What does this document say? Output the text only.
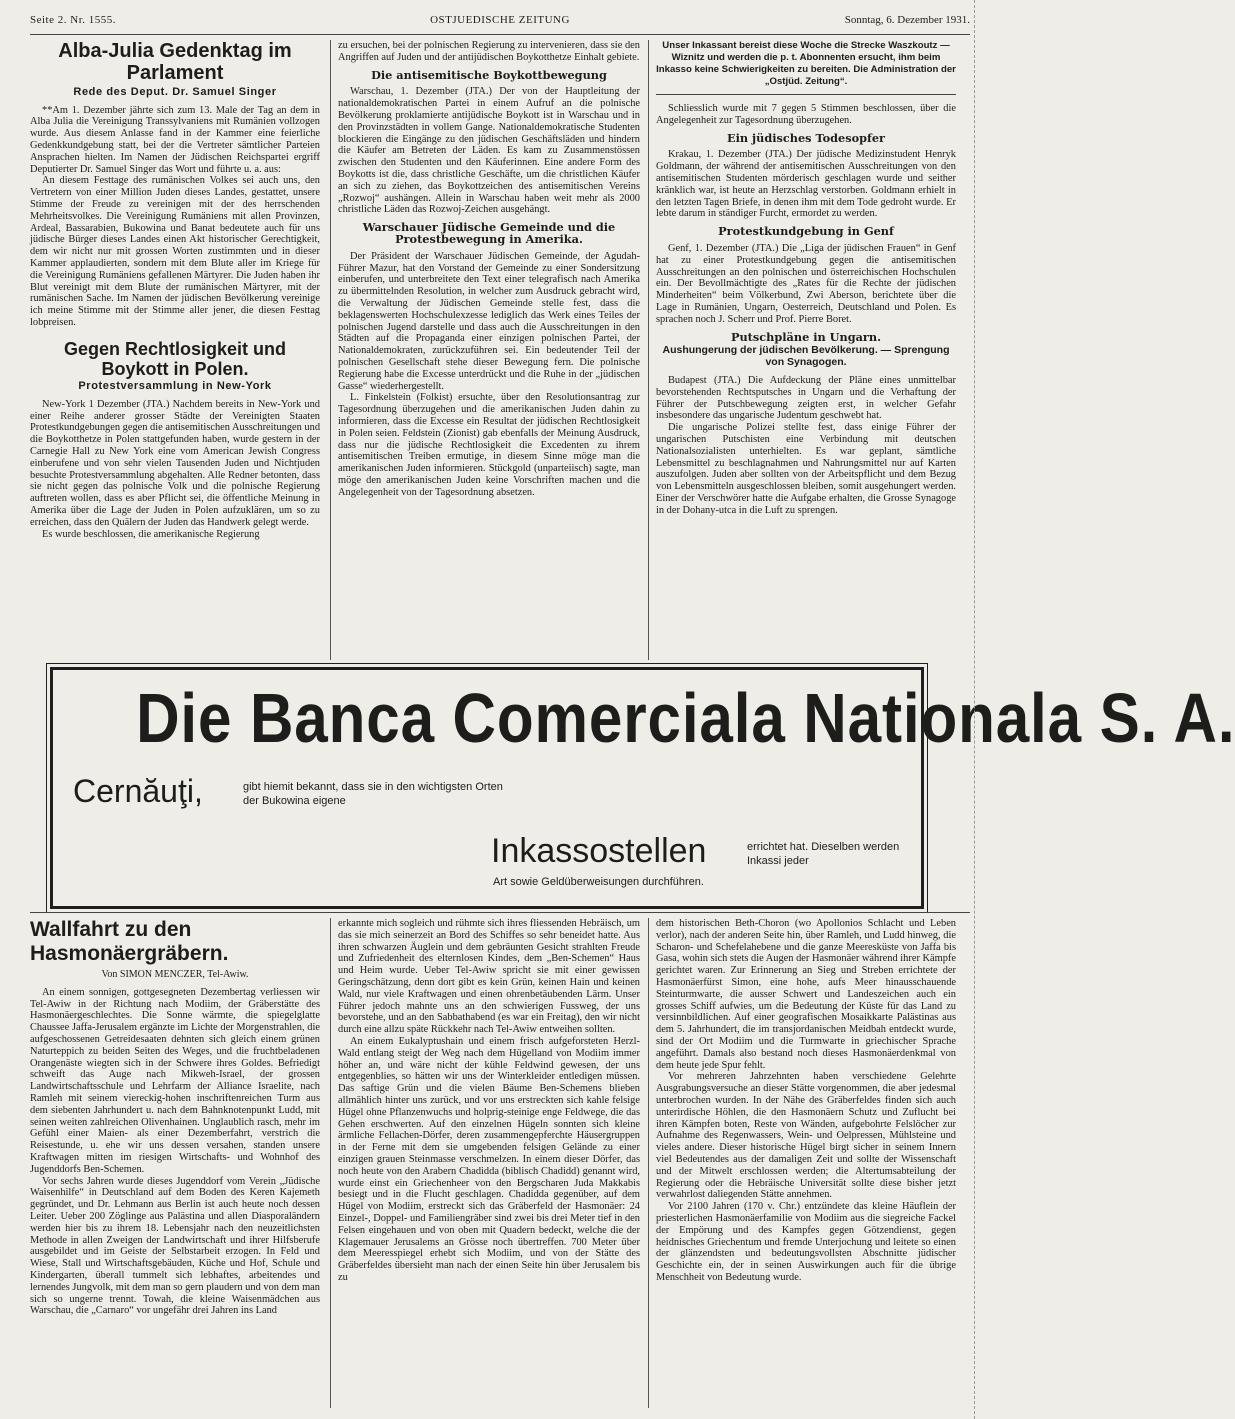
Seite 2. Nr. 1555.	OSTJUEDISCHE ZEITUNG	Sonntag, 6. Dezember 1931.
Alba-Julia Gedenktag im Parlament
Rede des Deput. Dr. Samuel Singer

**Am 1. Dezember jährte sich zum 13. Male der Tag an dem in Alba Julia die Vereinigung Transsylvaniens mit Rumänien vollzogen wurde. Aus diesem Anlasse fand in der Kammer eine feierliche Gedenkkundgebung statt, bei der die Vertreter sämtlicher Parteien Ansprachen hielten. Im Namen der Jüdischen Reichspartei ergriff Deputierter Dr. Samuel Singer das Wort und führte u. a. aus:

An diesem Festtage des rumänischen Volkes sei auch uns, den Vertretern von einer Million Juden dieses Landes, gestattet, unsere Stimme der Freude zu vereinigen mit der des herrschenden Mehrheitsvolkes. Die Vereinigung Rumäniens mit allen Provinzen, Ardeal, Bassarabien, Bukowina und Banat bedeutete auch für uns jüdische Bürger dieses Landes einen Akt historischer Gerechtigkeit, dem wir nicht nur mit grossen Worten zustimmten und in dieser Kammer applaudierten, sondern mit dem Blute aller im Kriege für die Vereinigung Rumäniens gefallenen Märtyrer. Die Juden haben ihr Blut vereinigt mit dem Blute der rumänischen Märtyrer, mit der rumänischen Sache. Im Namen der jüdischen Bevölkerung vereinige ich meine Stimme mit der Stimme aller jener, die diesen Festtag lobpreisen.

Gegen Rechtlosigkeit und Boykott in Polen.
Protestversammlung in New-York

New-York 1 Dezember (JTA.) Nachdem bereits in New-York und einer Reihe anderer grosser Städte der Vereinigten Staaten Protestkundgebungen gegen die antisemitischen Ausschreitungen und die Boykotthetze in Polen stattgefunden haben, wurde gestern in der Carnegie Hall zu New York eine vom American Jewish Congress einberufene und von sehr vielen Tausenden Juden und Nichtjuden besuchte Protestversammlung abgehalten. Alle Redner betonten, dass sie nicht gegen das polnische Volk und die polnische Regierung auftreten wollen, dass es aber Pflicht sei, die öffentliche Meinung in Amerika über die Lage der Juden in Polen aufzuklären, um so zu erreichen, dass den Quälern der Juden das Handwerk gelegt werde.

Es wurde beschlossen, die amerikanische Regierung

zu ersuchen, bei der polnischen Regierung zu intervenieren, dass sie den Angriffen auf Juden und der antijüdischen Boykotthetze Einhalt gebiete.

Die antisemitische Boykottbewegung

Warschau, 1. Dezember (JTA.) Der von der Hauptleitung der nationaldemokratischen Partei in einem Aufruf an die polnische Bevölkerung proklamierte antijüdische Boykott ist in Warschau und in den Provinzstädten in vollem Gange. Nationaldemokratische Studenten blockieren die Eingänge zu den jüdischen Geschäftsläden und hindern die Käufer am Betreten der Läden. Es kam zu Zusammenstössen zwischen den Studenten und den Käuferinnen. Eine andere Form des Boykotts ist die, dass christliche Geschäfte, um die christlichen Käufer an sich zu ziehen, das Boykottzeichen des antisemitischen Vereins „Rozwoj“ aushängen. Allein in Warschau haben weit mehr als 2000 christliche Läden das Rozwoj-Zeichen ausgehängt.

Warschauer Jüdische Gemeinde und die Protestbewegung in Amerika.

Der Präsident der Warschauer Jüdischen Gemeinde, der Agudah-Führer Mazur, hat den Vorstand der Gemeinde zu einer Sondersitzung einberufen, und unterbreitete den Text einer telegrafisch nach Amerika zu übermittelnden Resolution, in welcher zum Ausdruck gebracht wird, die Verwaltung der Jüdischen Gemeinde stelle fest, dass die beklagenswerten Hochschulexzesse lediglich das Werk eines Teiles der polnischen Jugend darstelle und dass auch die Ausschreitungen in den Städten auf die Propaganda einer einzigen polnischen Partei, der Nationaldemokraten, zurückzuführen sei. Ein bedeutender Teil der polnischen Gesellschaft stehe dieser Bewegung fern. Die polnische Regierung habe die Excesse unterdrückt und die Ruhe in der „jüdischen Gasse“ wiederhergestellt.

L. Finkelstein (Folkist) ersuchte, über den Resolutionsantrag zur Tagesordnung überzugehen und die amerikanischen Juden dahin zu informieren, dass die Excesse ein Resultat der jüdischen Rechtlosigkeit in Polen seien. Feldstein (Zionist) gab ebenfalls der Meinung Ausdruck, dass nur die jüdische Rechtlosigkeit die Excedenten zu ihrem antisemitischen Treiben ermutige, in diesem Sinne möge man die amerikanischen Juden informieren. Stückgold (unparteiisch) sagte, man möge den amerikanischen Juden keine Vorschriften machen und die Angelegenheit von der Tagesordnung absetzen.

Unser Inkassant bereist diese Woche die Strecke Waszkoutz — Wiznitz und werden die p. t. Abonnenten ersucht, ihm beim Inkasso keine Schwierigkeiten zu bereiten. Die Administration der „Ostjüd. Zeitung“.

Schliesslich wurde mit 7 gegen 5 Stimmen beschlossen, über die Angelegenheit zur Tagesordnung überzugehen.

Ein jüdisches Todesopfer

Krakau, 1. Dezember (JTA.) Der jüdische Medizinstudent Henryk Goldmann, der während der antisemitischen Ausschreitungen von den antisemitischen Studenten mörderisch geschlagen wurde und seither kränklich war, ist heute an Herzschlag verstorben. Goldmann erhielt in den letzten Tagen Briefe, in denen ihm mit dem Tode gedroht wurde. Er lebte darum in ständiger Furcht, ermordet zu werden.

Protestkundgebung in Genf

Genf, 1. Dezember (JTA.) Die „Liga der jüdischen Frauen“ in Genf hat zu einer Protestkundgebung gegen die antisemitischen Ausschreitungen an den polnischen und österreichischen Hochschulen ein. Der Bevollmächtigte des „Rates für die Rechte der jüdischen Minderheiten“ beim Völkerbund, Zwi Aberson, berichtete über die Lage in Rumänien, Ungarn, Oesterreich, Deutschland und Polen. Es sprachen noch J. Scherr und Prof. Pierre Boret.

Putschpläne in Ungarn.
Aushungerung der jüdischen Bevölkerung. — Sprengung von Synagogen.

Budapest (JTA.) Die Aufdeckung der Pläne eines unmittelbar bevorstehenden Rechtsputsches in Ungarn und die Verhaftung der Führer der Putschbewegung zeigten erst, in welcher Gefahr insbesondere das ungarische Judentum geschwebt hat.

Die ungarische Polizei stellte fest, dass einige Führer der ungarischen Putschisten eine Verbindung mit deutschen Nationalsozialisten unterhielten. Es war geplant, sämtliche Lebensmittel zu beschlagnahmen und Nahrungsmittel nur auf Karten auszufolgen. Juden aber sollten von der Arbeitspflicht und dem Bezug von Lebensmitteln ausgeschlossen bleiben, somit ausgehungert werden. Einer der Verschwörer hatte die Aufgabe erhalten, die Grosse Synagoge in der Dohany-utca in die Luft zu sprengen.

Die Banca Comerciala Nationala S. A.
Cernăuţi,	gibt hiemit bekannt, dass sie in den wichtigsten Orten der Bukowina eigene
Inkassostellen	errichtet hat. Dieselben werden Inkassi jeder
Art sowie Geldüberweisungen durchführen.
Wallfahrt zu den Hasmonäergräbern.
Von SIMON MENCZER, Tel-Awiw.

An einem sonnigen, gottgesegneten Dezembertag verliessen wir Tel-Awiw in der Richtung nach Modiim, der Gräberstätte des Hasmonäergeschlechtes. Die Sonne wärmte, die spiegelglatte Chaussee Jaffa-Jerusalem ergänzte im Lichte der Morgenstrahlen, die aufgeschossenen Getreidesaaten dehnten sich gleich einem grünen Naturteppich zu beiden Seiten des Weges, und die fruchtbeladenen Orangenäste wiegten sich in der Schwere ihres Goldes. Befriedigt schweift das Auge nach Mikweh-Israel, der grossen Landwirtschaftsschule und Lehrfarm der Alliance Israelite, nach Ramleh mit seinem viereckig-hohen inschriftenreichen Turm aus dem siebenten Jahrhundert u. nach dem Bahnknotenpunkt Ludd, mit seinen weiten zahlreichen Olivenhainen. Unglaublich rasch, mehr im Gefühl einer Maien- als einer Dezemberfahrt, verstrich die Reisestunde, u. ehe wir uns dessen versahen, standen unsere Kraftwagen mitten im riesigen Wirtschafts- und Wohnhof des Jugenddorfs Ben-Schemen.

Vor sechs Jahren wurde dieses Jugenddorf vom Verein „Jüdische Waisenhilfe“ in Deutschland auf dem Boden des Keren Kajemeth gegründet, und Dr. Lehmann aus Berlin ist auch heute noch dessen Leiter. Ueber 200 Zöglinge aus Palästina und allen Diasporaländern werden hier bis zu ihrem 18. Lebensjahr nach den neuzeitlichsten Methode in allen Zweigen der Landwirtschaft und ihrer Hilfsberufe ausgebildet und im Geiste der Selbstarbeit erzogen. In Feld und Wiese, Stall und Wirtschaftsgebäuden, Küche und Hof, Schule und Kindergarten, überall tummelt sich lebhaftes, arbeitendes und lernendes Jungvolk, mit dem man so gern plaudern und von dem man sich so ungerne trennt. Towah, die kleine Waisenmädchen aus Warschau, die „Carnaro“ vor ungefähr drei Jahren ins Land

erkannte mich sogleich und rühmte sich ihres fliessenden Hebräisch, um das sie mich seinerzeit an Bord des Schiffes so sehr beneidet hatte. Aus ihren schwarzen Äuglein und dem gebräunten Gesicht strahlten Freude und Zufriedenheit des elternlosen Kindes, dem „Ben-Schemen“ Haus und Heim wurde. Ueber Tel-Awiw spricht sie mit einer gewissen Geringschätzung, denn dort gibt es kein Grün, keinen Hain und keinen Wald, nur viele Kraftwagen und einen ohrenbetäubenden Lärm. Unser Führer jedoch mahnte uns an den schwierigen Fussweg, der uns bevorstehe, und an den Sabbathabend (es war ein Freitag), den wir nicht durch eine allzu späte Rückkehr nach Tel-Awiw entweihen sollten.

An einem Eukalyptushain und einem frisch aufgeforsteten Herzl-Wald entlang steigt der Weg nach dem Hügelland von Modiim immer höher an, und wäre nicht der kühle Feldwind gewesen, der uns entgegenblies, so hätten wir uns der Winterkleider entledigen müssen. Das saftige Grün und die vielen Bäume Ben-Schemens blieben allmählich hinter uns zurück, und vor uns erstreckten sich kahle felsige Hügel ohne Pflanzenwuchs und holprig-steinige enge Feldwege, die das Gehen erschwerten. Auf den einzelnen Hügeln sonnten sich kleine ärmliche Fellachen-Dörfer, deren zusammengepferchte Häusergruppen in der Ferne mit dem sie umgebenden felsigen Gelände zu einer einzigen grauen Steinmasse verschmelzen. In einem dieser Dörfer, das noch heute von den Arabern Chadidda (biblisch Chadidd) genannt wird, wurde einst ein Griechenheer von den Bergscharen Juda Makkabis besiegt und in die Flucht geschlagen. Chadidda gegenüber, auf dem Hügel von Modiim, erstreckt sich das Gräberfeld der Hasmonäer: 24 Einzel-, Doppel- und Familiengräber sind zwei bis drei Meter tief in den Felsen eingehauen und von oben mit Quadern bedeckt, welche die der Klagemauer Jerusalems an Grösse noch übertreffen. 700 Meter über dem Meeresspiegel erhebt sich Modiim, und von der Stätte des Gräberfeldes übersieht man nach der einen Seite hin über Jerusalem bis zu

dem historischen Beth-Choron (wo Apollonios Schlacht und Leben verlor), nach der anderen Seite hin, über Ramleh, und Ludd hinweg, die Scharon- und Schefelahebene und die ganze Meeresküste von Jaffa bis Gasa, wohin sich stets die Augen der Hasmonäer während ihrer Kämpfe gerichtet waren. Zur Erinnerung an Sieg und Streben errichtete der Hasmonäerfürst Simon, eine hohe, aufs Meer hinausschauende Steinturmwarte, die ausser Schwert und Landeszeichen auch ein grosses Schiff aufwies, um die Bedeutung der Küste für das Land zu versinnbildlichen. Auf einer geografischen Mosaikkarte Palästinas aus dem 5. Jahrhundert, die im transjordanischen Meidbah entdeckt wurde, sind der Ort Modiim und die Turmwarte in griechischer Sprache angeführt. Damals also bestand noch dieses Hasmonäerdenkmal von dem heute jede Spur fehlt.

Vor mehreren Jahrzehnten haben verschiedene Gelehrte Ausgrabungsversuche an dieser Stätte vorgenommen, die aber jedesmal unterbrochen wurden. In der Nähe des Gräberfeldes finden sich auch unterirdische Höhlen, die den Hasmonäern Schutz und Zuflucht bei ihren Kämpfen boten, Reste von Wänden, aufgebohrte Felslöcher zur Aufnahme des Regenwassers, Wein- und Oelpressen, Mühlsteine und vieles andere. Dieser historische Hügel birgt sicher in seinem Innern viel Bedeutendes aus der damaligen Zeit und sollte der Wissenschaft und der Mitwelt erschlossen werden; die Altertumsabteilung der Regierung oder die Hebräische Universität sollte diese bisher jetzt verwahrlost daliegenden Stätte annehmen.

Vor 2100 Jahren (170 v. Chr.) entzündete das kleine Häuflein der priesterlichen Hasmonäerfamilie von Modiim aus die siegreiche Fackel der Empörung und des Kampfes gegen Götzendienst, gegen heidnisches Griechentum und fremde Unterjochung und leitete so einen der glänzendsten und bedeutungsvollsten Abschnitte jüdischer Geschichte ein, der in seinen Auswirkungen auch für die übrige Menschheit von Bedeutung wurde.
